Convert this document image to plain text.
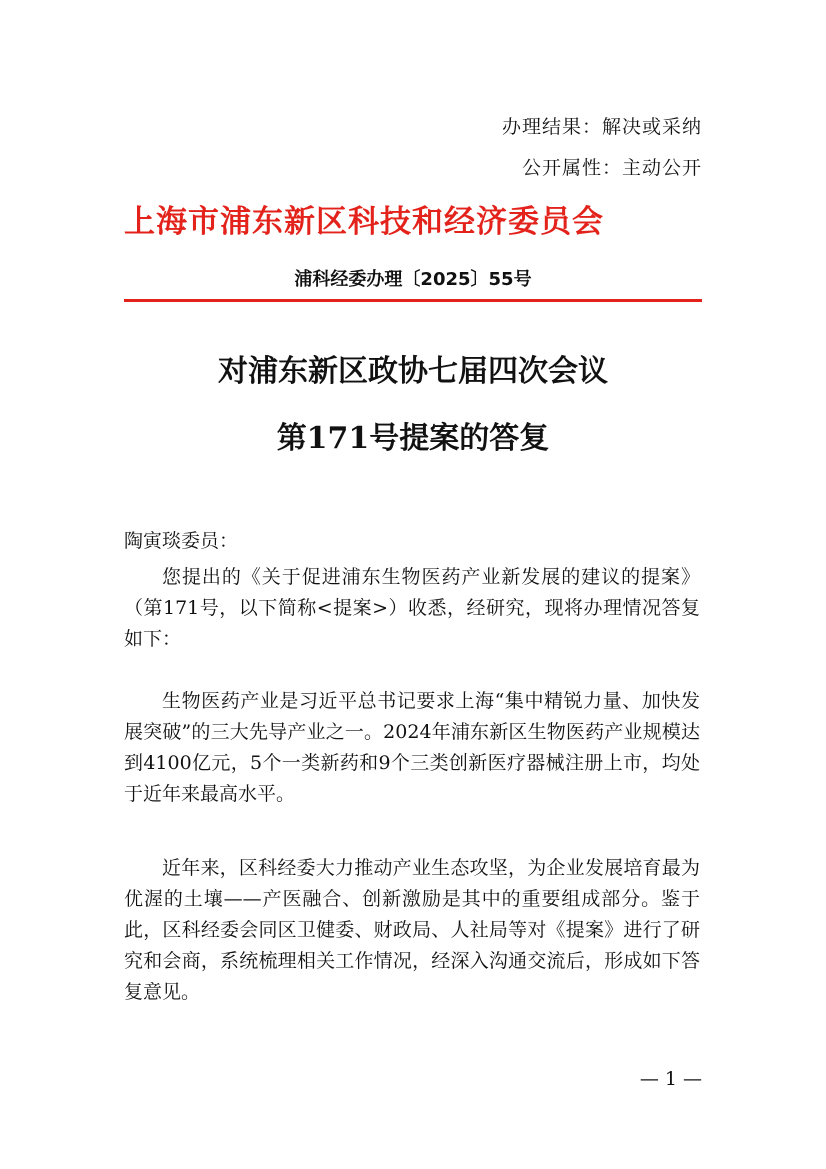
办理结果：解决或采纳
公开属性：主动公开
上海市浦东新区科技和经济委员会
浦科经委办理〔2025〕55号
对浦东新区政协七届四次会议
第171号提案的答复
陶寅琰委员：

您提出的《关于促进浦东生物医药产业新发展的建议的提案》（第171号，以下简称<提案>）收悉，经研究，现将办理情况答复如下：

生物医药产业是习近平总书记要求上海“集中精锐力量、加快发展突破”的三大先导产业之一。2024年浦东新区生物医药产业规模达到4100亿元，5个一类新药和9个三类创新医疗器械注册上市，均处于近年来最高水平。

近年来，区科经委大力推动产业生态攻坚，为企业发展培育最为优渥的土壤——产医融合、创新激励是其中的重要组成部分。鉴于此，区科经委会同区卫健委、财政局、人社局等对《提案》进行了研究和会商，系统梳理相关工作情况，经深入沟通交流后，形成如下答复意见。

— 1 —
